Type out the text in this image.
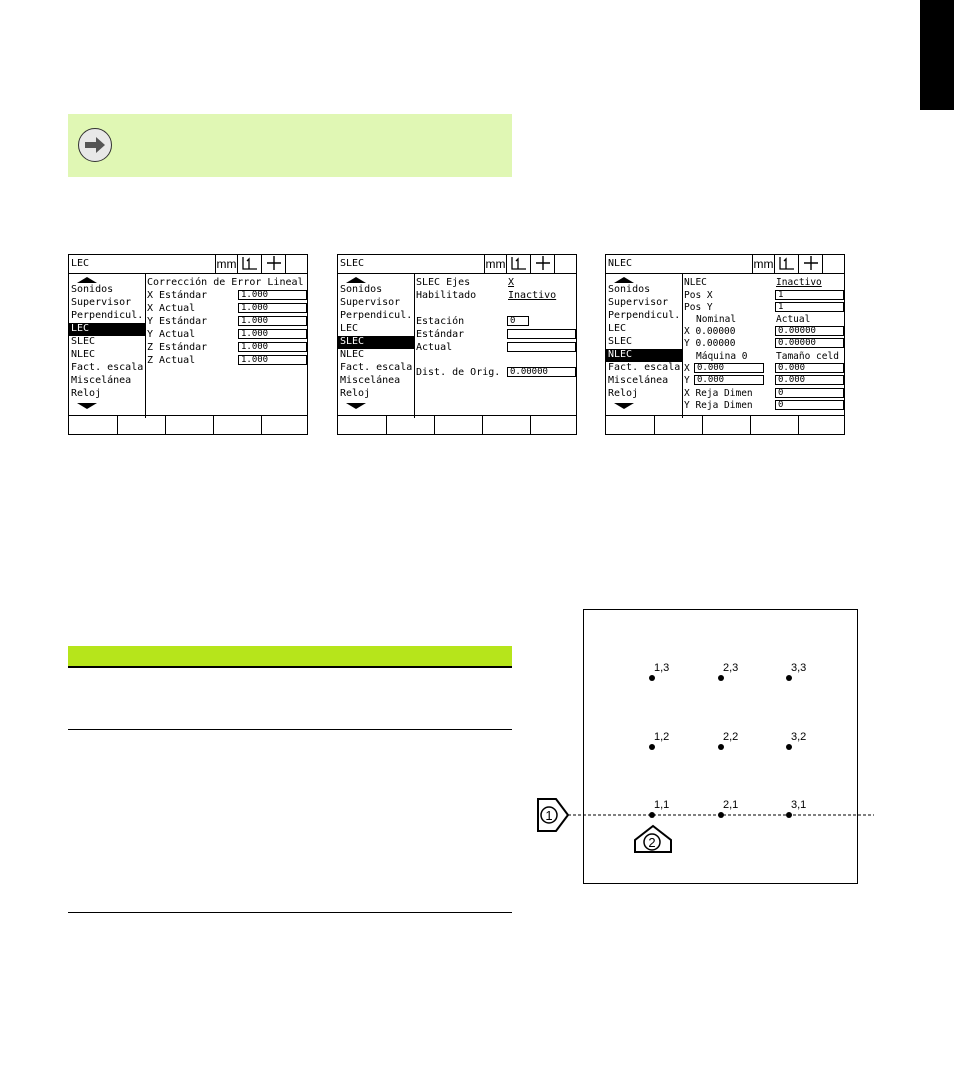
LEC	mm
Sonidos
Supervisor
Perpendicul.
LEC
SLEC
NLEC
Fact. escala
Miscelánea
Reloj
Corrección de Error Lineal
X Estándar	1.000
X Actual	1.000
Y Estándar	1.000
Y Actual	1.000
Z Estándar	1.000
Z Actual	1.000
SLEC	mm
Sonidos
Supervisor
Perpendicul.
LEC
SLEC
NLEC
Fact. escala
Miscelánea
Reloj
SLEC Ejes	X
Habilitado	Inactivo
Estación	0
Estándar
Actual
Dist. de Orig.	0.00000
NLEC	mm
Sonidos
Supervisor
Perpendicul.
LEC
SLEC
NLEC
Fact. escala
Miscelánea
Reloj
NLEC	Inactivo
Pos X	1
Pos Y	1
Nominal	Actual
X 0.00000	0.00000
Y 0.00000	0.00000
Máquina 0	Tamaño celd
X 0.000	0.000
Y 0.000	0.000
X Reja Dimen	0
Y Reja Dimen	0
1,3	2,3	3,3
1,2	2,2	3,2
1,1	2,1	3,1
1
2
